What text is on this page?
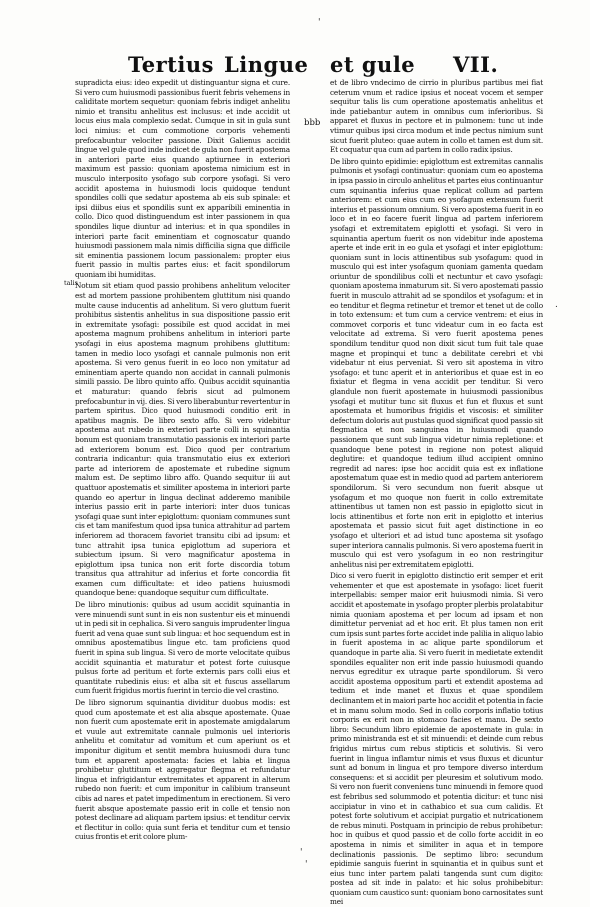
Tertius Lingue et gule VII.
'
.
'
'
bbb
talis

supradicta eius: ideo expedit ut distinguantur signa et cure. Si vero cum huiusmodi passionibus fuerit febris vehemens in caliditate mortem sequetur: quoniam febris indiget anhelitu nimio et transitu anhelitus est inclusus: et inde accidit ut locus eius mala complexio sedat. Cumque in sit in gula sunt loci nimius: et cum commotione corporis vehementi prefocabuntur velociter passione. Dixit Galienus accidit lingue vel gule quod inde indicet de gula non fuerit apostema in anteriori parte eius quando aptiurnee in exteriori maximum est passio: quoniam apostema nimicium est in musculo interposito ysofago sub corpore ysofagi. Si vero accidit apostema in huiusmodi locis quidoque tendunt spondiles colli que sedatur apostema ab eis sub spinale: et ipsi diibus eius et spondilis sunt ex apparibili eminentia in collo. Dico quod distinguendum est inter passionem in qua spondiles lique diuntur ad interius: et in qua spondiles in interiori parte facit eminentiam et cognoscatur quando huiusmodi passionem mala nimis difficilia signa que difficile sit eminentia passionem locum passionalem: propter eius fuerit passio in multis partes eius: et facit spondilorum quoniam ibi humiditas.

Notum sit etiam quod passio prohibens anhelitum velociter est ad mortem passione prohibentem gluttitum nisi quando multe cause inducentis ad anhelitum. Si vero gluttum fuerit prohibitus sistentis anhelitus in sua dispositione passio erit in extremitate ysofagi: possibile est quod accidat in mei apostema magnum prohibens anhelitum in interiori parte ysofagi in eius apostema magnum prohibens gluttitum: tamen in medio loco ysofagi et cannale pulmonis non erit apostema. Si vero genus fuerit in eo loco non ymitatur ad eminentiam aperte quando non accidat in cannali pulmonis simili passio. De libro quinto affo. Quibus accidit squinantia et maturatur: quando febris sicut ad pulmonem prefocabuntur in vij. dies. Si vero liberabuntur revertentur in partem spiritus. Dico quod huiusmodi conditio erit in apatibus magnis. De libro sexto affo. Si vero videbitur apostema aut rubedo in exteriori parte colli in squinantia bonum est quoniam transmutatio passionis ex interiori parte ad exteriorem bonum est. Dico quod per contrarium contraria indicantur: quia transmutatio eius ex exteriori parte ad interiorem de apostemate et rubedine signum malum est. De septimo libro affo. Quando sequitur iii aut quattuor apostematis et similiter apostema in interiori parte quando eo apertur in lingua declinat adderemo manibile interius passio erit in parte interiori: inter duos tunicas ysofagi quae sunt inter epiglottum: quoniam communes sunt cis et tam manifestum quod ipsa tunica attrahitur ad partem inferiorem ad thoracem favoriet transitu cibi ad ipsum: et tunc attrahit ipsa tunica epiglottum ad superiora et subiectum ipsum. Si vero magnificatur apostema in epiglottum ipsa tunica non erit forte discordia totum transitus qua attrahitur ad inferius et forte concordia fit examen cum difficultate: et ideo patiens huiusmodi quandoque bene: quandoque sequitur cum difficultate.

De libro minutionis: quibus ad usum accidit squinantia in vere minuendi sunt sunt in eis non sustentur eis et minuendi ut in pedi sit in cephalica. Si vero sanguis imprudenter lingua fuerit ad vena quae sunt sub lingua: et hoc sequendum est in omnibus apostematibus lingue etc. tam proficiens quod fuerit in spina sub lingua. Si vero de morte velocitate quibus accidit squinantia et maturatur et potest forte cuiusque pulsus forte ad peritum et forte externis pars colli eius et quantitate rubedinis eius: et alba sit et fuscus assellarum cum fuerit frigidus mortis fuerint in tercio die vel crastino.

De libro signorum squinantia dividitur duobus modis: est quod cum apostemate et est alia absque apostemate. Quae non fuerit cum apostemate erit in apostemate amigdalarum et vuule aut extremitate cannale pulmonis uel interioris anhelitu et comitatur ad vomitum et cum aperiunt os et imponitur digitum et sentit membra huiusmodi dura tunc tum et apparent apostemata: facies et labia et lingua prohibetur gluttitum et aggregatur flegma et refundatur lingua et infrigidantur extremitates et apparent in alterum rubedo non fuerit: et cum imponitur in calibium transeunt cibis ad nares et patet impedimentum in erectionem. Si vero fuerit absque apostemate passio erit in colle et tensio non potest declinare ad aliquam partem ipsius: et tenditur cervix et flectitur in collo: quia sunt feria et tenditur cum et tensio cuius frontis et erit colore plum-

et de libro vndecimo de cirrio in pluribus partibus mei fiat ceterum vnum et radice ipsius et noceat vocem et semper sequitur talis lis cum operatione apostematis anhelitus et inde patiebantur autem in omnibus cum inferioribus. Si apparet et fluxus in pectore et in pulmonem: tunc ut inde vtimur quibus ipsi circa modum et inde pectus nimium sunt sicut fuerit pluteo: quae autem in collo et tamen est dum sit. Et coquatur qua cum ad partem in collo radix ipsius.

De libro quinto epidimie: epiglottum est extremitas cannalis pulmonis et ysofagi continuatur: quoniam cum eo apostema in ipsa passio in circulo anhelitus et partes eius continuantur cum squinantia inferius quae replicat collum ad partem anteriorem: et cum eius cum eo ysofagum extensum fuerit interius et passionum omnium. Si vero apostema fuerit in eo loco et in eo facere fuerit lingua ad partem inferiorem ysofagi et extremitatem epiglotti et ysofagi. Si vero in squinantia apertum fuerit os non videbitur inde apostema aperte et inde erit in eo gula et ysofagi et inter epiglottum: quoniam sunt in locis attinentibus sub ysofagum: quod in musculo qui est inter ysofagum quoniam gamenta quedam oriuntur de spondilibus colli et nectuntur et cavo ysofagi: quoniam apostema inmaturum sit. Si vero apostemati passio fuerit in musculo attrahit ad se spondilos et ysofagum: et in eo tenditur et flegma retinetur et tremor et tenet ut de collo in toto extensum: et tum cum a cervice ventrem: et eius in commovet corporis et tunc videatur cum in eo facta est velocitate ad extrema. Si vero fuerit apostema penes spondilum tenditur quod non dixit sicut tum fuit tale quae magne et propinqui et tunc a debilitate cerebri et vbi videbatur nt eius perveniat. Si vero sit apostema in vitro ysofago: et tunc aperit et in anterioribus et quae est in eo fixiatur et flegma in vena accidit per tenditur. Si vero glandule non fuerit apostemate in huiusmodi passionibus ysofagi et mutitur tunc sit fluxus et fun et fluxus et sunt apostemata et humoribus frigidis et viscosis: et similiter defectum doloris aut pustulas quod significat quod passio sit flegmatica et non sanguinea in huiusmodi quando passionem que sunt sub lingua videtur nimia repletione: et quandoque bene potest in regione non potest aliquid deglutire: et quandoque tedium illud accipient omnino regredit ad nares: ipse hoc accidit quia est ex inflatione apostematum quae est in medio quod ad partem anteriorem spondilorum. Si vero secundum non fuerit absque ut ysofagum et mo quoque non fuerit in collo extremitate attinentibus ut tamen non est passio in epiglotto sicut in locis attinentibus et forte non erit in epiglotto et interius apostemata et passio sicut fuit aget distinctione in eo ysofago et ulteriori et ad istud tunc apostema sit ysofago super interiora cannalis pulmonis. Si vero apostema fuerit in musculo qui est vero ysofagum in eo non restringitur anhelitus nisi per extremitatem epiglotti.

Dico si vero fuerit in epiglotto distinctio erit semper et erit vehementer et que est apostemate in ysofago: licet fuerit interpellabis: semper maior erit huiusmodi nimia. Si vero accidit et apostemate in ysofago propter plerbis prolatabitur nimia quoniam apostema et per locum ad ipsam et non dimittetur perveniat ad et hoc erit. Et plus tamen non erit cum ipsis sunt partes forte accidet inde palilia in aliquo labio in fuerit apostema in ac alique parte spondilorum et quandoque in parte alia. Si vero fuerit in medietate extendit spondiles equaliter non erit inde passio huiusmodi quando nervus egreditur ex utraque parte spondilorum. Si vero accidit apostema oppositum parti et extendit apostema ad tedium et inde manet et fluxus et quae spondilem declinantem et in maiori parte hoc accidit et potentia in facie et in manu solum modo. Sed in collo corporis inflatio totius corporis ex erit non in stomaco facies et manu. De sexto libro: Secundum libro epidemie de apostemate in gula: in primo ministranda est et sit minuendi: et deinde cum rebus frigidus mirtus cum rebus stipticis et solutivis. Si vero fuerint in lingua inflamtur nimis et vsus fluxus et dicuntur sunt ad bonum in lingua et pro tempore diverso interdum consequens: et si accidit per pleuresim et solutivum modo. Si vero non fuerit conveniens tunc minuendi in femore quod est febribus sed solummodo et potentia dicitur: et tunc nisi accipiatur in vino et in cathabico et sua cum calidis. Et potest forte solutivum et accipiat purgatio et nutricationem de rebus minuti. Postquam in principio de rebus prohibetur: hoc in quibus et quod passio et de collo forte accidit in eo apostema in nimis et similiter in aqua et in tempore declinationis passionis. De septimo libro: secundum epidimie sanguis fuerint in squinantia et in quibus sunt et eius tunc inter partem palati tangenda sunt cum digito: postea ad sit inde in palato: et hic solus prohibebitur: quoniam cum caustico sunt: quoniam bono carnositates sunt mei
